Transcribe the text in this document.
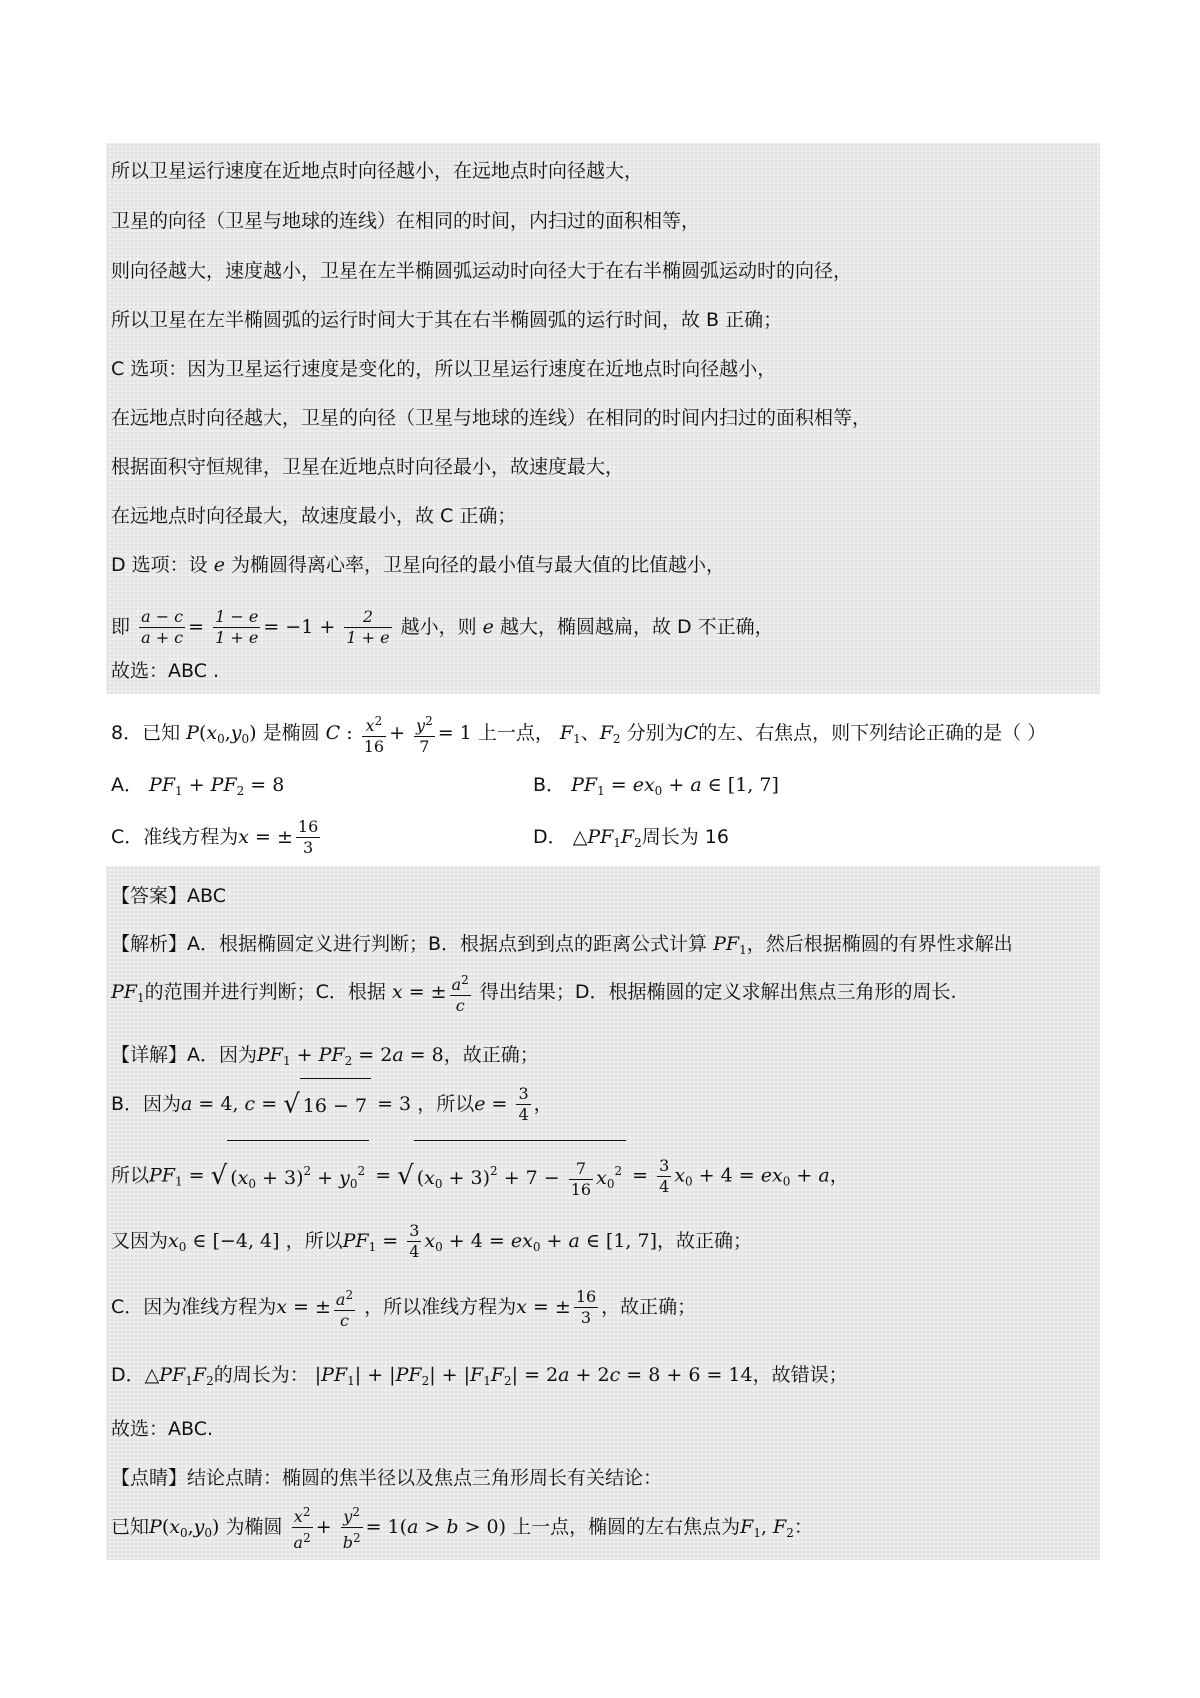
所以卫星运行速度在近地点时向径越小，在远地点时向径越大，
卫星的向径（卫星与地球的连线）在相同的时间，内扫过的面积相等，
则向径越大，速度越小，卫星在左半椭圆弧运动时向径大于在右半椭圆弧运动时的向径，
所以卫星在左半椭圆弧的运行时间大于其在右半椭圆弧的运行时间，故 B 正确；
C 选项：因为卫星运行速度是变化的，所以卫星运行速度在近地点时向径越小，
在远地点时向径越大，卫星的向径（卫星与地球的连线）在相同的时间内扫过的面积相等，
根据面积守恒规律，卫星在近地点时向径最小，故速度最大，
在远地点时向径最大，故速度最小，故 C 正确；
D 选项：设 e 为椭圆得离心率，卫星向径的最小值与最大值的比值越小，
即 $\frac{a - c}{a + c} = \frac{1 - e}{1 + e} = -1 + \frac{2}{1 + e}$ 越小，则 e 越大，椭圆越扁，故 D 不正确，
故选：ABC .
8．已知 $P(x_0,y_0)$ 是椭圆 C : $\frac{x^2}{16} + \frac{y^2}{7} = 1$ 上一点， $F_1$、$F_2$ 分别为C的左、右焦点，则下列结论正确的是（ ）
A． $PF_1 + PF_2 = 8$	B． $PF_1 = ex_0 + a$ ∈ [1, 7]
C．准线方程为x = ± $\frac{16}{3}$	D． $\triangle PF_1F_2$周长为 16
【答案】ABC
【解析】A．根据椭圆定义进行判断；B．根据点到到点的距离公式计算 $PF_1$，然后根据椭圆的有界性求解出
$PF_1$的范围并进行判断；C．根据 x = ± $\frac{a^2}{c}$ 得出结果；D．根据椭圆的定义求解出焦点三角形的周长.
【详解】A．因为$PF_1 + PF_2 = 2a = 8$，故正确；
B．因为a = 4, c = √ 16 − 7 = 3 ，所以$e = \frac{3}{4}$ ，
所以$PF_1$ = √ $(x_0 + 3)^2 + y_0^2$ = √ $(x_0 + 3)^2 + 7 - \frac{7}{16} x_0^2 = \frac{3}{4} x_0 + 4 = ex_0 + a$，
又因为$x_0$ ∈ [−4, 4] ，所以$PF_1 = \frac{3}{4} x_0 + 4 = ex_0 + a$ ∈ [1, 7]，故正确；
C．因为准线方程为x = ± $\frac{a^2}{c}$ ，所以准线方程为x = ± $\frac{16}{3}$ ，故正确；
D．$\triangle PF_1F_2$的周长为： $|PF_1| + |PF_2| + |F_1F_2| = 2a + 2c = 8 + 6 = 14$，故错误；
故选：ABC.
【点睛】结论点睛：椭圆的焦半径以及焦点三角形周长有关结论：
已知$P(x_0,y_0)$ 为椭圆 $\frac{x^2}{a^2} + \frac{y^2}{b^2} = 1(a > b > 0)$ 上一点，椭圆的左右焦点为$F_1$, $F_2$：
